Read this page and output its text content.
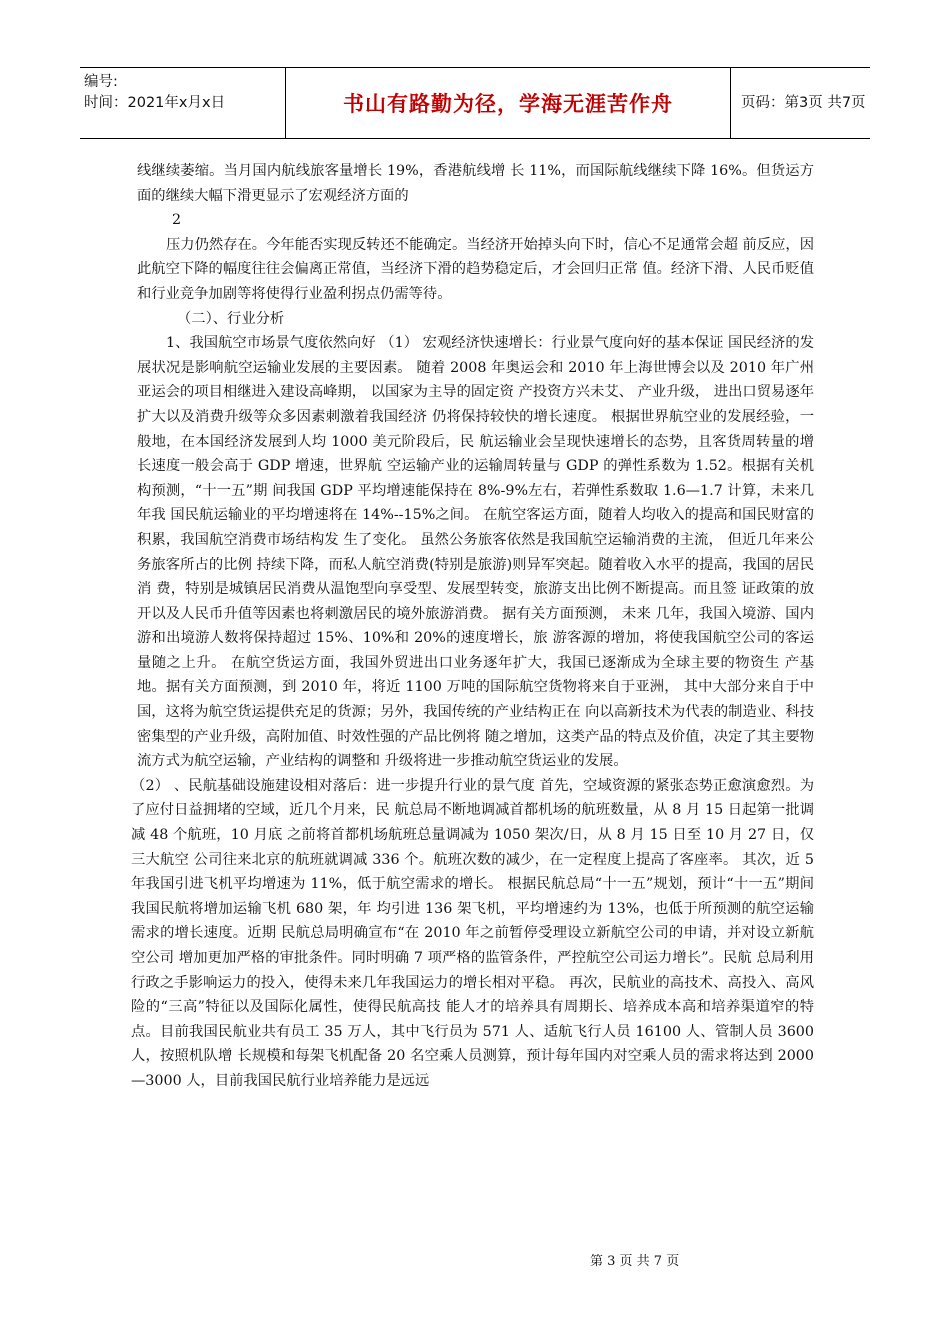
编号:
时间：2021年x月x日	书山有路勤为径，学海无涯苦作舟	页码：第3页 共7页

线继续萎缩。当月国内航线旅客量增长 19%，香港航线增 长 11%，而国际航线继续下降 16%。但货运方面的继续大幅下滑更显示了宏观经济方面的

2

压力仍然存在。今年能否实现反转还不能确定。当经济开始掉头向下时，信心不足通常会超 前反应，因此航空下降的幅度往往会偏离正常值，当经济下滑的趋势稳定后，才会回归正常 值。经济下滑、人民币贬值和行业竞争加剧等将使得行业盈利拐点仍需等待。

（二）、行业分析

1、我国航空市场景气度依然向好 （1） 宏观经济快速增长：行业景气度向好的基本保证 国民经济的发展状况是影响航空运输业发展的主要因素。 随着 2008 年奥运会和 2010 年上海世博会以及 2010 年广州亚运会的项目相继进入建设高峰期， 以国家为主导的固定资 产投资方兴未艾、 产业升级， 进出口贸易逐年扩大以及消费升级等众多因素刺激着我国经济 仍将保持较快的增长速度。 根据世界航空业的发展经验，一般地，在本国经济发展到人均 1000 美元阶段后，民 航运输业会呈现快速增长的态势，且客货周转量的增长速度一般会高于 GDP 增速，世界航 空运输产业的运输周转量与 GDP 的弹性系数为 1.52。根据有关机构预测，“十一五”期 间我国 GDP 平均增速能保持在 8%-9%左右，若弹性系数取 1.6—1.7 计算，未来几年我 国民航运输业的平均增速将在 14%--15%之间。 在航空客运方面，随着人均收入的提高和国民财富的积累，我国航空消费市场结构发 生了变化。 虽然公务旅客依然是我国航空运输消费的主流， 但近几年来公务旅客所占的比例 持续下降，而私人航空消费(特别是旅游)则异军突起。随着收入水平的提高，我国的居民消 费，特别是城镇居民消费从温饱型向享受型、发展型转变，旅游支出比例不断提高。而且签 证政策的放开以及人民币升值等因素也将刺激居民的境外旅游消费。 据有关方面预测， 未来 几年，我国入境游、国内游和出境游人数将保持超过 15%、10%和 20%的速度增长，旅 游客源的增加，将使我国航空公司的客运量随之上升。 在航空货运方面，我国外贸进出口业务逐年扩大，我国已逐渐成为全球主要的物资生 产基地。据有关方面预测，到 2010 年，将近 1100 万吨的国际航空货物将来自于亚洲， 其中大部分来自于中国，这将为航空货运提供充足的货源；另外，我国传统的产业结构正在 向以高新技术为代表的制造业、科技密集型的产业升级，高附加值、时效性强的产品比例将 随之增加，这类产品的特点及价值，决定了其主要物流方式为航空运输，产业结构的调整和 升级将进一步推动航空货运业的发展。

（2） 、民航基础设施建设相对落后：进一步提升行业的景气度 首先，空域资源的紧张态势正愈演愈烈。为了应付日益拥堵的空域，近几个月来，民 航总局不断地调减首都机场的航班数量，从 8 月 15 日起第一批调减 48 个航班，10 月底 之前将首都机场航班总量调减为 1050 架次/日，从 8 月 15 日至 10 月 27 日，仅三大航空 公司往来北京的航班就调减 336 个。航班次数的减少，在一定程度上提高了客座率。 其次，近 5 年我国引进飞机平均增速为 11%，低于航空需求的增长。 根据民航总局“十一五”规划，预计“十一五”期间我国民航将增加运输飞机 680 架，年 均引进 136 架飞机，平均增速约为 13%，也低于所预测的航空运输需求的增长速度。近期 民航总局明确宣布“在 2010 年之前暂停受理设立新航空公司的申请，并对设立新航空公司 增加更加严格的审批条件。同时明确 7 项严格的监管条件，严控航空公司运力增长”。民航 总局利用行政之手影响运力的投入，使得未来几年我国运力的增长相对平稳。 再次，民航业的高技术、高投入、高风险的“三高”特征以及国际化属性，使得民航高技 能人才的培养具有周期长、培养成本高和培养渠道窄的特点。目前我国民航业共有员工 35 万人，其中飞行员为 571 人、适航飞行人员 16100 人、管制人员 3600 人，按照机队增 长规模和每架飞机配备 20 名空乘人员测算，预计每年国内对空乘人员的需求将达到 2000—3000 人，目前我国民航行业培养能力是远远

第 3 页 共 7 页
